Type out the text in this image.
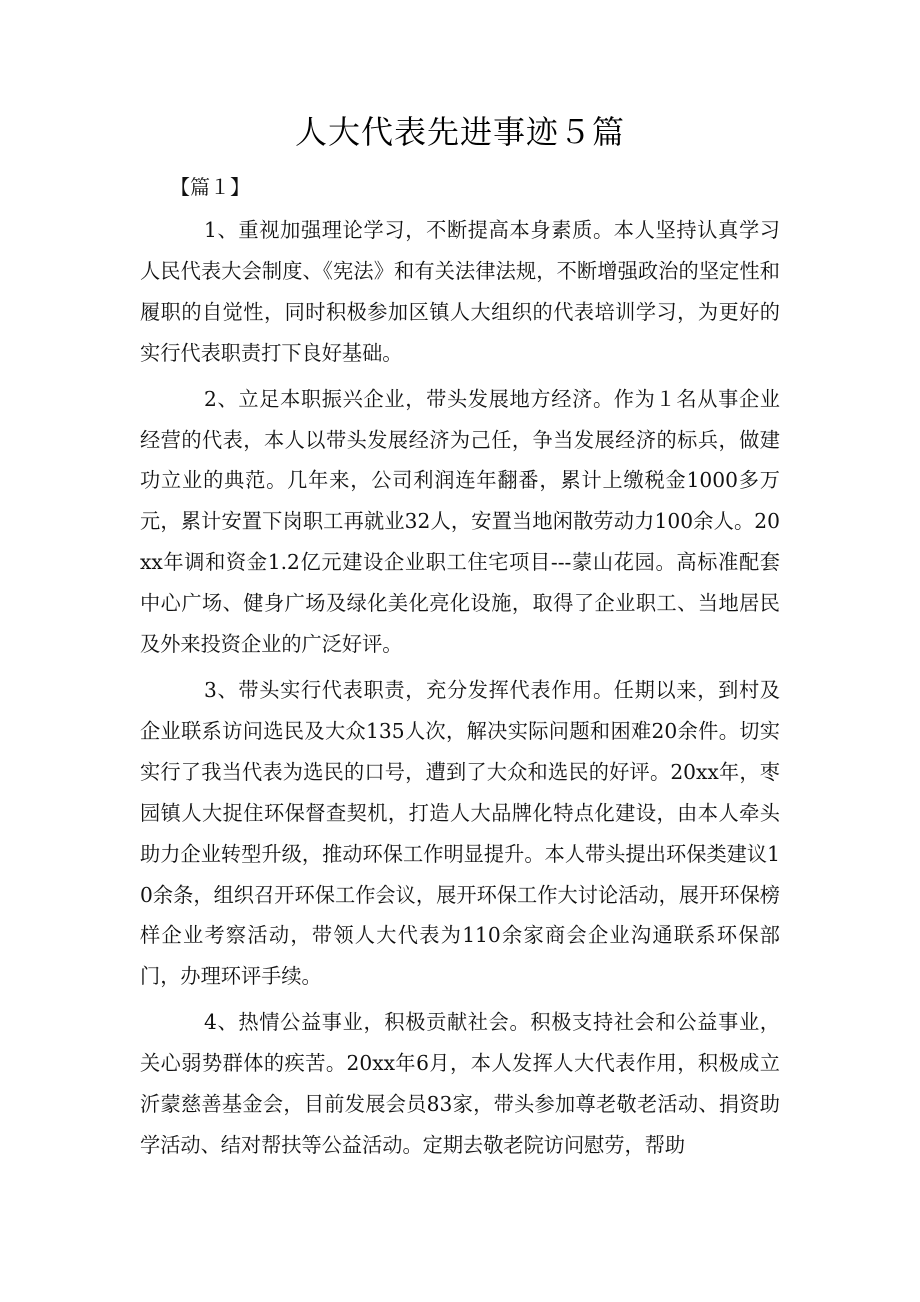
人大代表先进事迹５篇
【篇１】

1、重视加强理论学习，不断提高本身素质。本人坚持认真学习人民代表大会制度、《宪法》和有关法律法规，不断增强政治的坚定性和履职的自觉性，同时积极参加区镇人大组织的代表培训学习，为更好的实行代表职责打下良好基础。

2、立足本职振兴企业，带头发展地方经济。作为１名从事企业经营的代表，本人以带头发展经济为己任，争当发展经济的标兵，做建功立业的典范。几年来，公司利润连年翻番，累计上缴税金1000多万元，累计安置下岗职工再就业32人，安置当地闲散劳动力100余人。20xx年调和资金1.2亿元建设企业职工住宅项目---蒙山花园。高标准配套中心广场、健身广场及绿化美化亮化设施，取得了企业职工、当地居民及外来投资企业的广泛好评。

3、带头实行代表职责，充分发挥代表作用。任期以来，到村及企业联系访问选民及大众135人次，解决实际问题和困难20余件。切实实行了我当代表为选民的口号，遭到了大众和选民的好评。20xx年，枣园镇人大捉住环保督查契机，打造人大品牌化特点化建设，由本人牵头助力企业转型升级，推动环保工作明显提升。本人带头提出环保类建议10余条，组织召开环保工作会议，展开环保工作大讨论活动，展开环保榜样企业考察活动，带领人大代表为110余家商会企业沟通联系环保部门，办理环评手续。

4、热情公益事业，积极贡献社会。积极支持社会和公益事业，关心弱势群体的疾苦。20xx年6月，本人发挥人大代表作用，积极成立沂蒙慈善基金会，目前发展会员83家，带头参加尊老敬老活动、捐资助学活动、结对帮扶等公益活动。定期去敬老院访问慰劳，帮助
